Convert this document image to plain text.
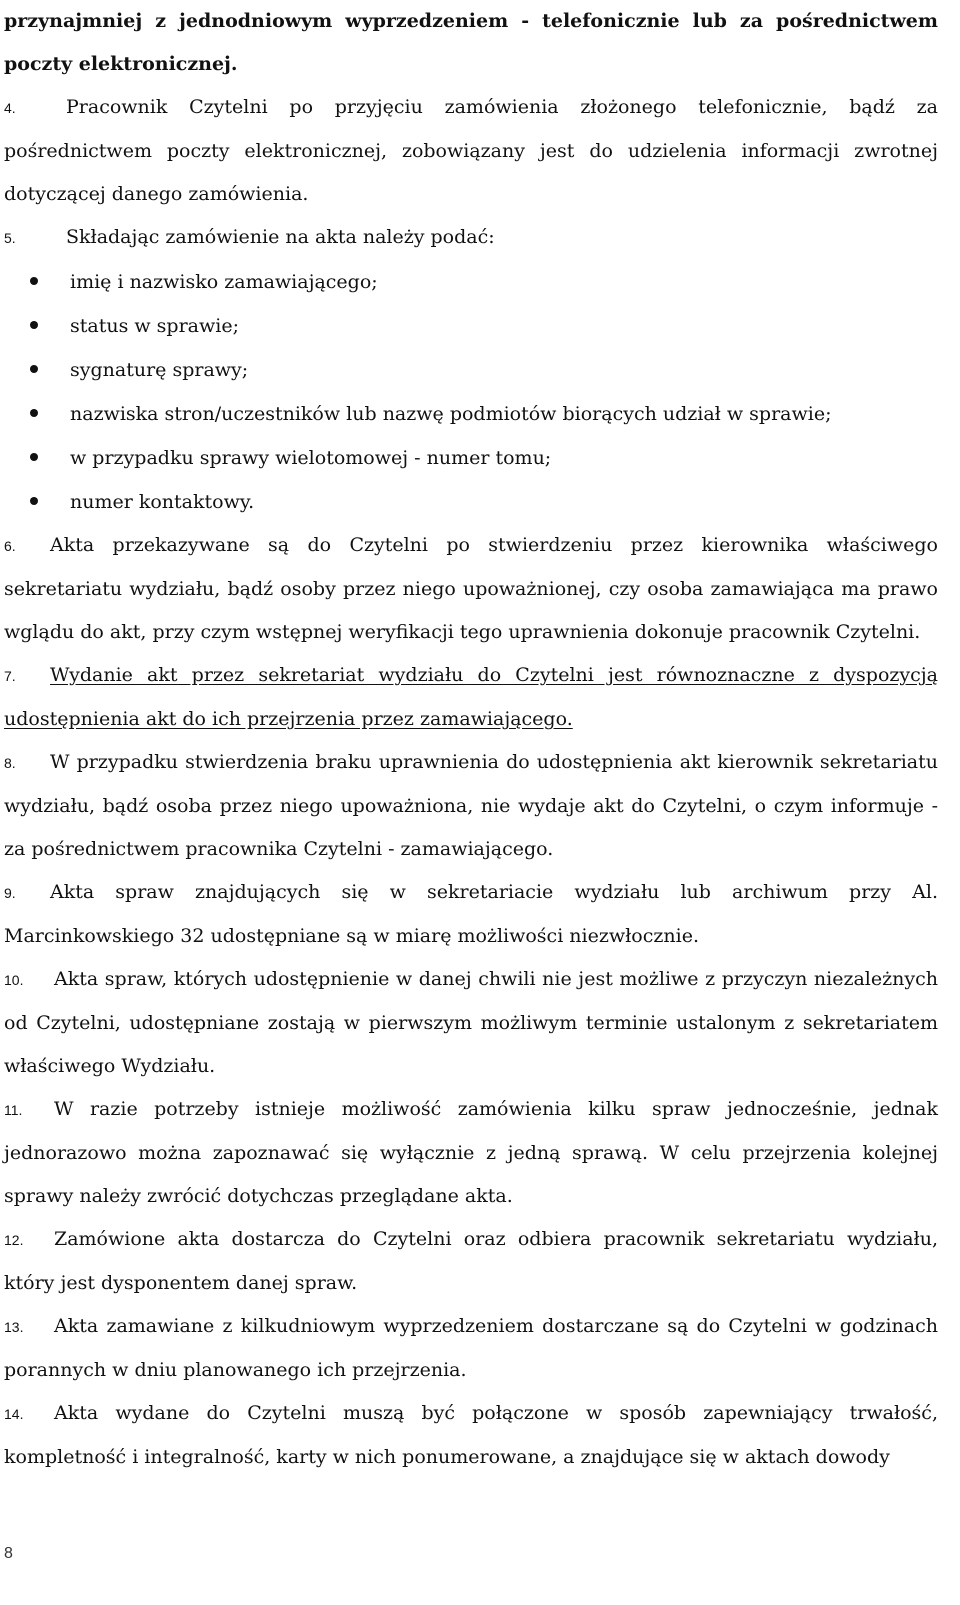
przynajmniej z jednodniowym wyprzedzeniem - telefonicznie lub za pośrednictwem poczty elektronicznej.

4.	Pracownik Czytelni po przyjęciu zamówienia złożonego telefonicznie, bądź za pośrednictwem poczty elektronicznej, zobowiązany jest do udzielenia informacji zwrotnej dotyczącej danego zamówienia.

5.	Składając zamówienie na akta należy podać:

imię i nazwisko zamawiającego;
status w sprawie;
sygnaturę sprawy;
nazwiska stron/uczestników lub nazwę podmiotów biorących udział w sprawie;
w przypadku sprawy wielotomowej - numer tomu;
numer kontaktowy.

6. Akta przekazywane są do Czytelni po stwierdzeniu przez kierownika właściwego sekretariatu wydziału, bądź osoby przez niego upoważnionej, czy osoba zamawiająca ma prawo wglądu do akt, przy czym wstępnej weryfikacji tego uprawnienia dokonuje pracownik Czytelni.

7. Wydanie akt przez sekretariat wydziału do Czytelni jest równoznaczne z dyspozycją udostępnienia akt do ich przejrzenia przez zamawiającego.

8. W przypadku stwierdzenia braku uprawnienia do udostępnienia akt kierownik sekretariatu wydziału, bądź osoba przez niego upoważniona, nie wydaje akt do Czytelni, o czym informuje - za pośrednictwem pracownika Czytelni - zamawiającego.

9. Akta spraw znajdujących się w sekretariacie wydziału lub archiwum przy Al. Marcinkowskiego 32 udostępniane są w miarę możliwości niezwłocznie.

10. Akta spraw, których udostępnienie w danej chwili nie jest możliwe z przyczyn niezależnych od Czytelni, udostępniane zostają w pierwszym możliwym terminie ustalonym z sekretariatem właściwego Wydziału.

11. W razie potrzeby istnieje możliwość zamówienia kilku spraw jednocześnie, jednak jednorazowo można zapoznawać się wyłącznie z jedną sprawą. W celu przejrzenia kolejnej sprawy należy zwrócić dotychczas przeglądane akta.

12. Zamówione akta dostarcza do Czytelni oraz odbiera pracownik sekretariatu wydziału, który jest dysponentem danej spraw.

13. Akta zamawiane z kilkudniowym wyprzedzeniem dostarczane są do Czytelni w godzinach porannych w dniu planowanego ich przejrzenia.

14. Akta wydane do Czytelni muszą być połączone w sposób zapewniający trwałość, kompletność i integralność, karty w nich ponumerowane, a znajdujące się w aktach dowody

8
